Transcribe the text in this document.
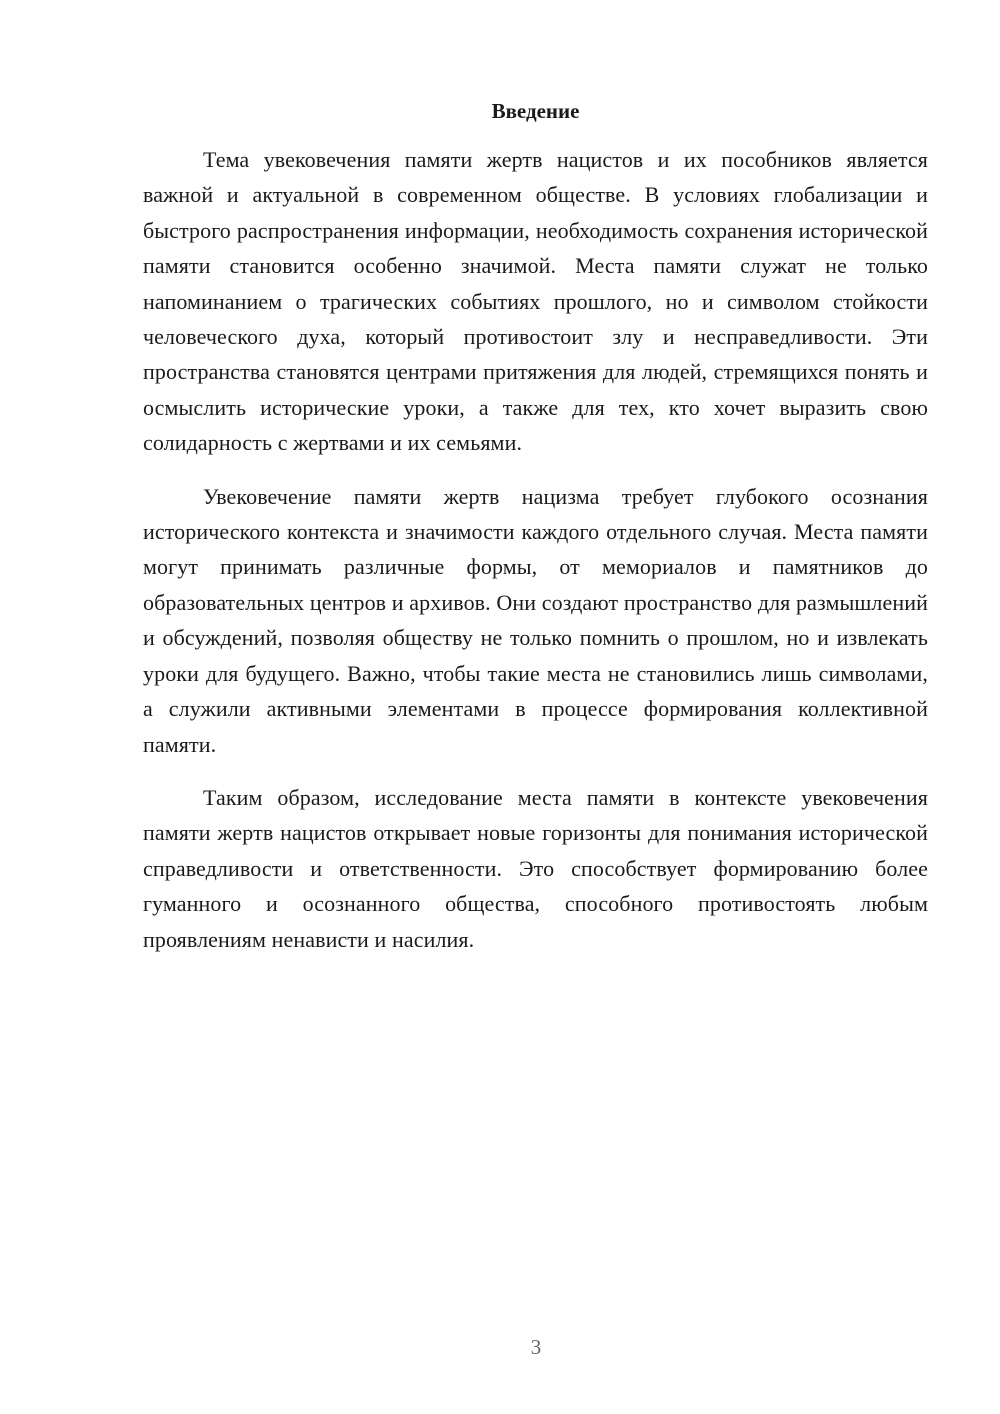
Введение

Тема увековечения памяти жертв нацистов и их пособников является важной и актуальной в современном обществе. В условиях глобализации и быстрого распространения информации, необходимость сохранения исторической памяти становится особенно значимой. Места памяти служат не только напоминанием о трагических событиях прошлого, но и символом стойкости человеческого духа, который противостоит злу и несправедливости. Эти пространства становятся центрами притяжения для людей, стремящихся понять и осмыслить исторические уроки, а также для тех, кто хочет выразить свою солидарность с жертвами и их семьями.

Увековечение памяти жертв нацизма требует глубокого осознания исторического контекста и значимости каждого отдельного случая. Места памяти могут принимать различные формы, от мемориалов и памятников до образовательных центров и архивов. Они создают пространство для размышлений и обсуждений, позволяя обществу не только помнить о прошлом, но и извлекать уроки для будущего. Важно, чтобы такие места не становились лишь символами, а служили активными элементами в процессе формирования коллективной памяти.

Таким образом, исследование места памяти в контексте увековечения памяти жертв нацистов открывает новые горизонты для понимания исторической справедливости и ответственности. Это способствует формированию более гуманного и осознанного общества, способного противостоять любым проявлениям ненависти и насилия.

3
